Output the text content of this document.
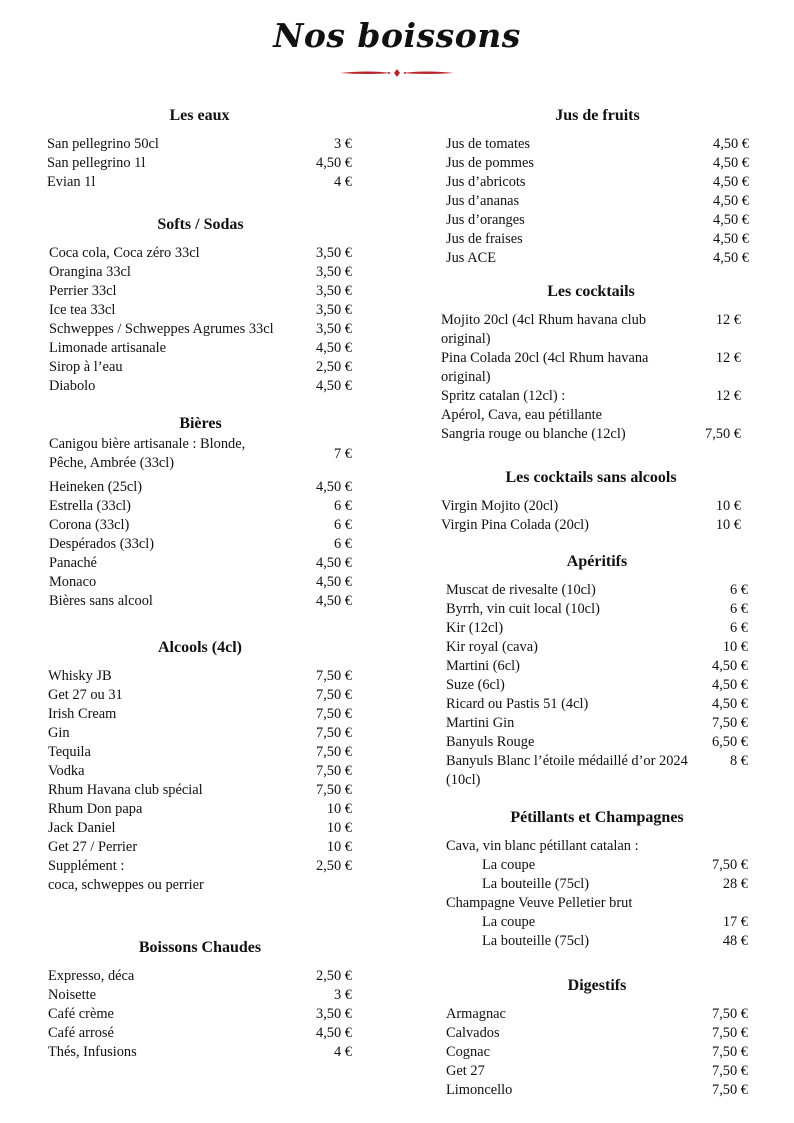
Nos boissons
Les eaux
San pellegrino 50cl	3 €
San pellegrino 1l	4,50 €
Evian 1l	4 €
Softs / Sodas
Coca cola, Coca zéro 33cl	3,50 €
Orangina 33cl	3,50 €
Perrier 33cl	3,50 €
Ice tea 33cl	3,50 €
Schweppes / Schweppes Agrumes 33cl	3,50 €
Limonade artisanale	4,50 €
Sirop à l’eau	2,50 €
Diabolo	4,50 €
Bières
Canigou bière artisanale : Blonde, Pêche, Ambrée (33cl)
7 €
Heineken (25cl)	4,50 €
Estrella (33cl)	6 €
Corona (33cl)	6 €
Despérados (33cl)	6 €
Panaché	4,50 €
Monaco	4,50 €
Bières sans alcool	4,50 €
Alcools (4cl)
Whisky JB	7,50 €
Get 27 ou 31	7,50 €
Irish Cream	7,50 €
Gin	7,50 €
Tequila	7,50 €
Vodka	7,50 €
Rhum Havana club spécial	7,50 €
Rhum Don papa	10 €
Jack Daniel	10 €
Get 27 / Perrier	10 €
Supplément :	2,50 €
coca, schweppes ou perrier
Boissons Chaudes
Expresso, déca	2,50 €
Noisette	3 €
Café crème	3,50 €
Café arrosé	4,50 €
Thés, Infusions	4 €
Jus de fruits
Jus de tomates	4,50 €
Jus de pommes	4,50 €
Jus d’abricots	4,50 €
Jus d’ananas	4,50 €
Jus d’oranges	4,50 €
Jus de fraises	4,50 €
Jus ACE	4,50 €
Les cocktails
Mojito 20cl (4cl Rhum havana club original)
12 €
Pina Colada 20cl (4cl Rhum havana original)
12 €
Spritz catalan (12cl) :	12 €
Apérol, Cava, eau pétillante
Sangria rouge ou blanche (12cl)	7,50 €
Les cocktails sans alcools
Virgin Mojito (20cl)	10 €
Virgin Pina Colada (20cl)	10 €
Apéritifs
Muscat de rivesalte (10cl)	6 €
Byrrh, vin cuit local (10cl)	6 €
Kir (12cl)	6 €
Kir royal (cava)	10 €
Martini (6cl)	4,50 €
Suze (6cl)	4,50 €
Ricard ou Pastis 51 (4cl)	4,50 €
Martini Gin	7,50 €
Banyuls Rouge	6,50 €
Banyuls Blanc l’étoile médaillé d’or 2024 (10cl)
8 €
Pétillants et Champagnes
Cava, vin blanc pétillant catalan :
La coupe	7,50 €
La bouteille (75cl)	28 €
Champagne Veuve Pelletier brut
La coupe	17 €
La bouteille (75cl)	48 €
Digestifs
Armagnac	7,50 €
Calvados	7,50 €
Cognac	7,50 €
Get 27	7,50 €
Limoncello	7,50 €
